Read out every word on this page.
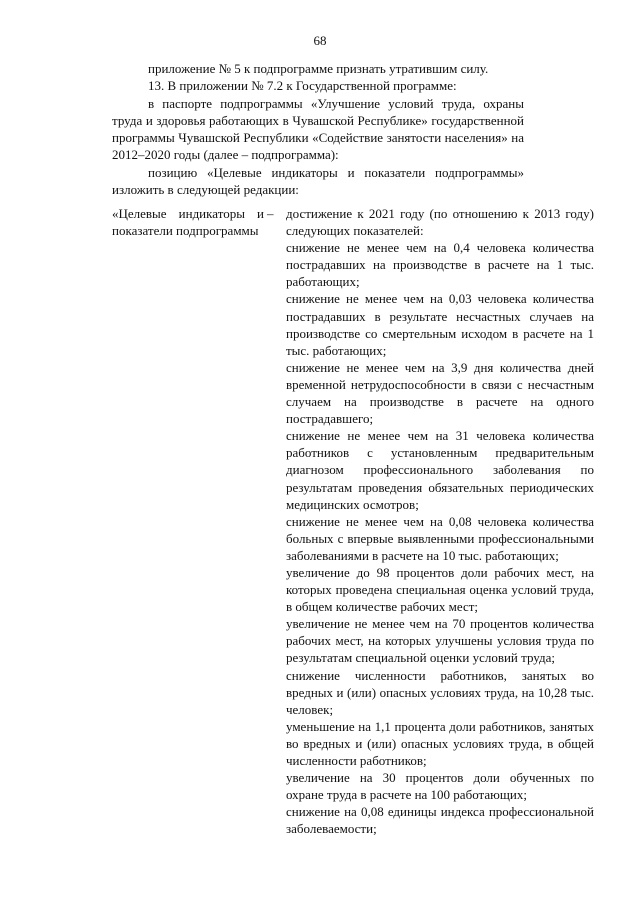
68

приложение № 5 к подпрограмме признать утратившим силу.

13. В приложении № 7.2 к Государственной программе:

в паспорте подпрограммы «Улучшение условий труда, охраны труда и здоровья работающих в Чувашской Республике» государственной программы Чувашской Республики «Содействие занятости населения» на 2012–2020 годы (далее – подпрограмма):

позицию «Целевые индикаторы и показатели подпрограммы» изложить в следующей редакции:

«Целевые индикаторы и показатели подпрограммы
– достижение к 2021 году (по отношению к 2013 году) следующих показателей:
снижение не менее чем на 0,4 человека количества пострадавших на производстве в расчете на 1 тыс. работающих;
снижение не менее чем на 0,03 человека количества пострадавших в результате несчастных случаев на производстве со смертельным исходом в расчете на 1 тыс. работающих;
снижение не менее чем на 3,9 дня количества дней временной нетрудоспособности в связи с несчастным случаем на производстве в расчете на одного пострадавшего;
снижение не менее чем на 31 человека количества работников с установленным предварительным диагнозом профессионального заболевания по результатам проведения обязательных периодических медицинских осмотров;
снижение не менее чем на 0,08 человека количества больных с впервые выявленными профессиональными заболеваниями в расчете на 10 тыс. работающих;
увеличение до 98 процентов доли рабочих мест, на которых проведена специальная оценка условий труда, в общем количестве рабочих мест;
увеличение не менее чем на 70 процентов количества рабочих мест, на которых улучшены условия труда по результатам специальной оценки условий труда;
снижение численности работников, занятых во вредных и (или) опасных условиях труда, на 10,28 тыс. человек;
уменьшение на 1,1 процента доли работников, занятых во вредных и (или) опасных условиях труда, в общей численности работников;
увеличение на 30 процентов доли обученных по охране труда в расчете на 100 работающих;
снижение на 0,08 единицы индекса профессиональной заболеваемости;
